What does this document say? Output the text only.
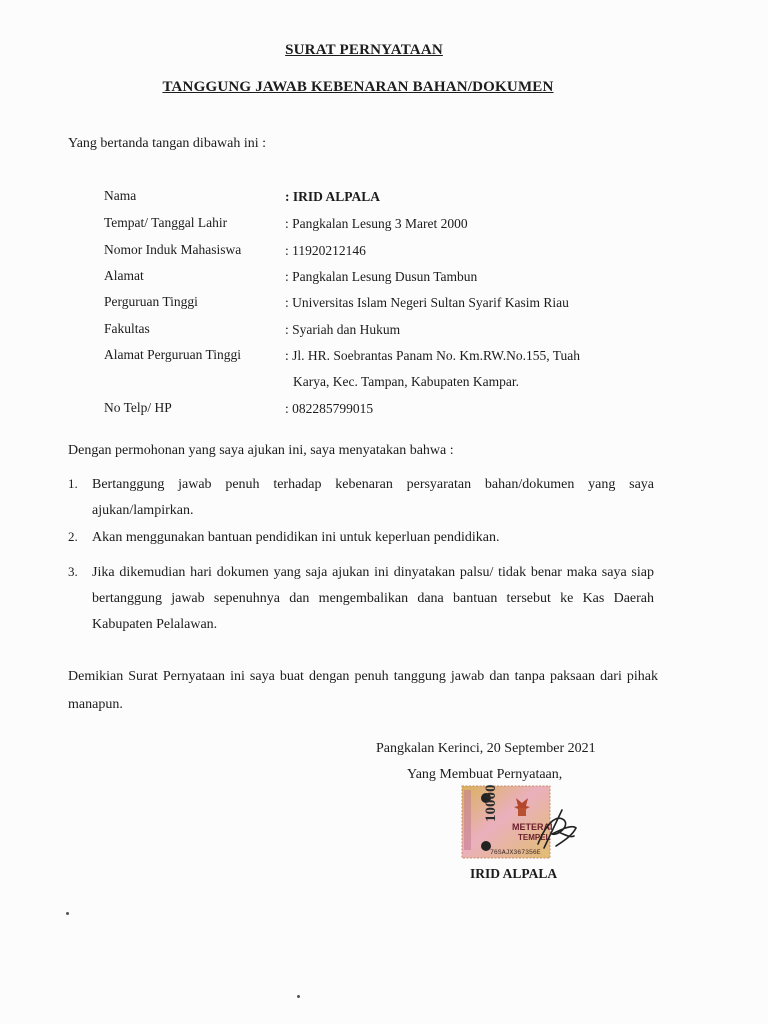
SURAT PERNYATAAN
TANGGUNG JAWAB KEBENARAN BAHAN/DOKUMEN
Yang bertanda tangan dibawah ini :
Nama	: IRID ALPALA
Tempat/ Tanggal Lahir	: Pangkalan Lesung 3 Maret 2000
Nomor Induk Mahasiswa	: 11920212146
Alamat	: Pangkalan Lesung Dusun Tambun
Perguruan Tinggi	: Universitas Islam Negeri Sultan Syarif Kasim Riau
Fakultas	: Syariah dan Hukum
Alamat Perguruan Tinggi	: Jl. HR. Soebrantas Panam No. Km.RW.No.155, Tuah
Karya, Kec. Tampan, Kabupaten Kampar.
No Telp/ HP	: 082285799015
Dengan permohonan yang saya ajukan ini, saya menyatakan bahwa :
1. Bertanggung jawab penuh terhadap kebenaran persyaratan bahan/dokumen yang saya ajukan/lampirkan.
2. Akan menggunakan bantuan pendidikan ini untuk keperluan pendidikan.
3. Jika dikemudian hari dokumen yang saja ajukan ini dinyatakan palsu/ tidak benar maka saya siap bertanggung jawab sepenuhnya dan mengembalikan dana bantuan tersebut ke Kas Daerah Kabupaten Pelalawan.
Demikian Surat Pernyataan ini saya buat dengan penuh tanggung jawab dan tanpa paksaan dari pihak manapun.
Pangkalan Kerinci, 20 September 2021
Yang Membuat Pernyataan,
10000
METERAI
TEMPEL
76SAJX367356E
IRID ALPALA
